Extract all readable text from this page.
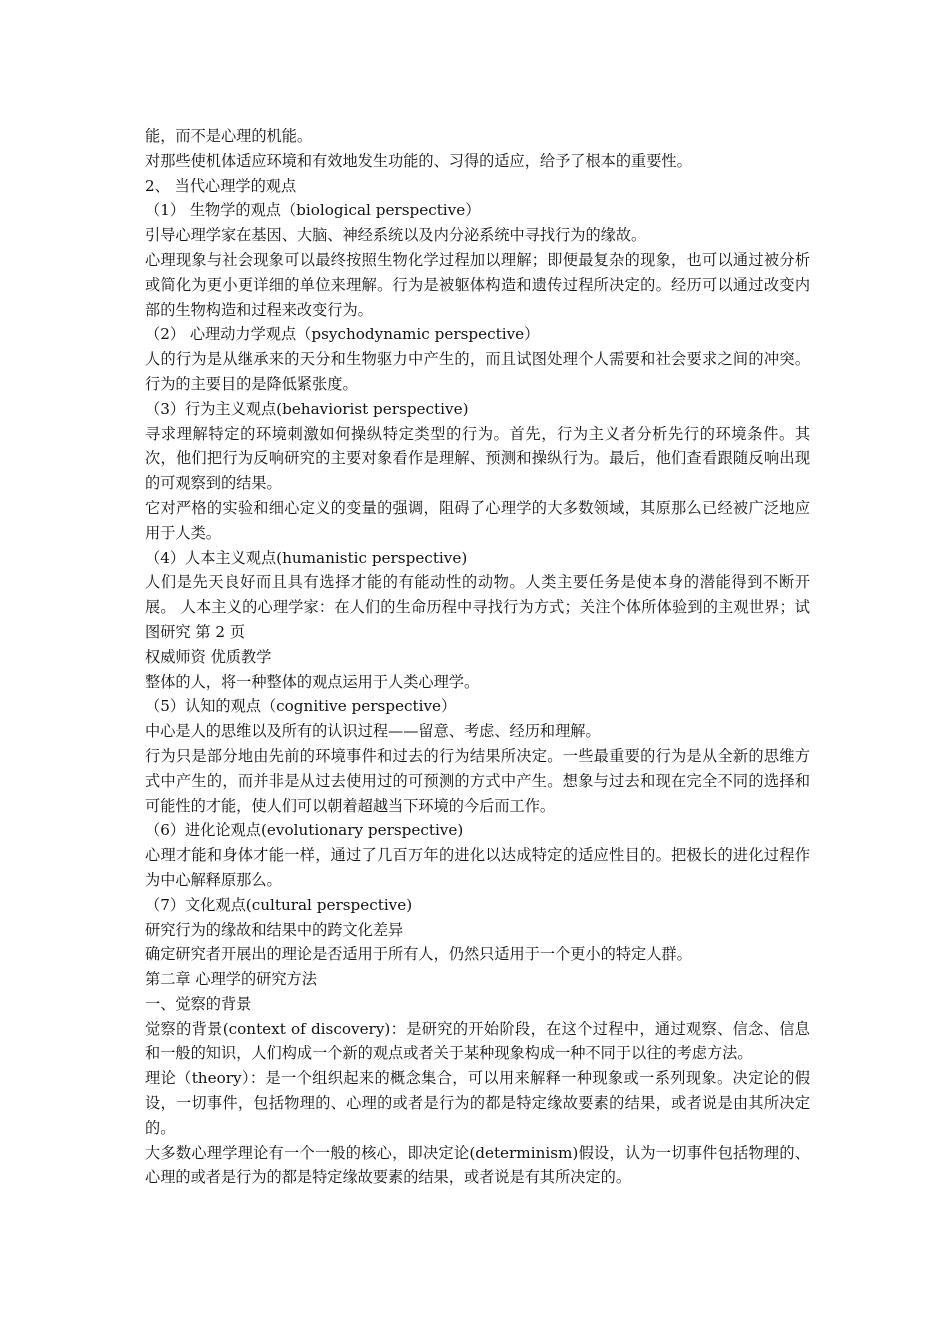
能，而不是心理的机能。

对那些使机体适应环境和有效地发生功能的、习得的适应，给予了根本的重要性。

2、 当代心理学的观点

（1） 生物学的观点（biological perspective）

引导心理学家在基因、大脑、神经系统以及内分泌系统中寻找行为的缘故。

心理现象与社会现象可以最终按照生物化学过程加以理解；即便最复杂的现象，也可以通过被分析或简化为更小更详细的单位来理解。行为是被躯体构造和遗传过程所决定的。经历可以通过改变内部的生物构造和过程来改变行为。

（2） 心理动力学观点（psychodynamic perspective）

人的行为是从继承来的天分和生物驱力中产生的，而且试图处理个人需要和社会要求之间的冲突。行为的主要目的是降低紧张度。

（3）行为主义观点(behaviorist perspective)

寻求理解特定的环境刺激如何操纵特定类型的行为。首先，行为主义者分析先行的环境条件。其次，他们把行为反响研究的主要对象看作是理解、预测和操纵行为。最后，他们查看跟随反响出现的可观察到的结果。

它对严格的实验和细心定义的变量的强调，阻碍了心理学的大多数领域，其原那么已经被广泛地应用于人类。

（4）人本主义观点(humanistic perspective)

人们是先天良好而且具有选择才能的有能动性的动物。人类主要任务是使本身的潜能得到不断开展。 人本主义的心理学家：在人们的生命历程中寻找行为方式；关注个体所体验到的主观世界；试图研究 第 2 页

权威师资 优质教学

整体的人，将一种整体的观点运用于人类心理学。

（5）认知的观点（cognitive perspective）

中心是人的思维以及所有的认识过程——留意、考虑、经历和理解。

行为只是部分地由先前的环境事件和过去的行为结果所决定。一些最重要的行为是从全新的思维方式中产生的，而并非是从过去使用过的可预测的方式中产生。想象与过去和现在完全不同的选择和可能性的才能，使人们可以朝着超越当下环境的今后而工作。

（6）进化论观点(evolutionary perspective)

心理才能和身体才能一样，通过了几百万年的进化以达成特定的适应性目的。把极长的进化过程作为中心解释原那么。

（7）文化观点(cultural perspective)

研究行为的缘故和结果中的跨文化差异

确定研究者开展出的理论是否适用于所有人，仍然只适用于一个更小的特定人群。

第二章 心理学的研究方法

一、觉察的背景

觉察的背景(context of discovery)：是研究的开始阶段，在这个过程中，通过观察、信念、信息和一般的知识，人们构成一个新的观点或者关于某种现象构成一种不同于以往的考虑方法。

理论（theory）：是一个组织起来的概念集合，可以用来解释一种现象或一系列现象。决定论的假设，一切事件，包括物理的、心理的或者是行为的都是特定缘故要素的结果，或者说是由其所决定的。

大多数心理学理论有一个一般的核心，即决定论(determinism)假设，认为一切事件包括物理的、心理的或者是行为的都是特定缘故要素的结果，或者说是有其所决定的。
